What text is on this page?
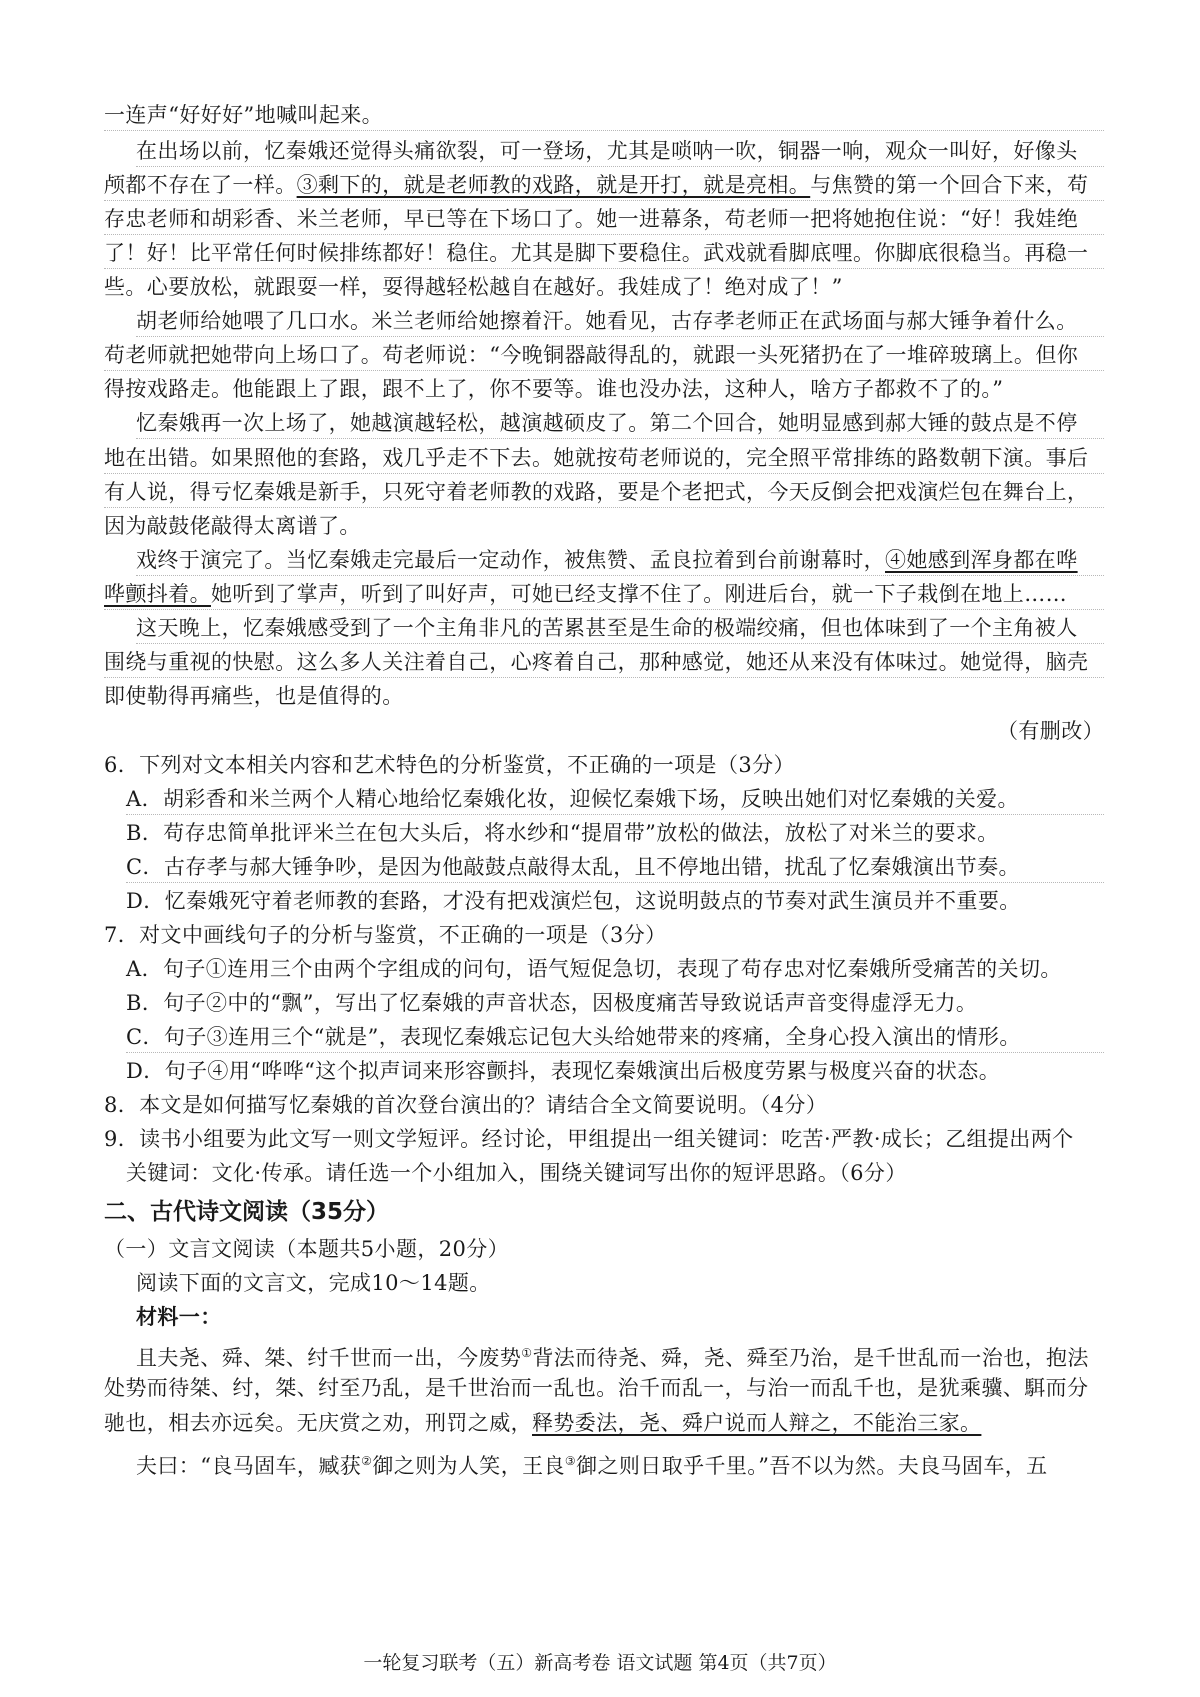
一连声“好好好”地喊叫起来。
在出场以前，忆秦娥还觉得头痛欲裂，可一登场，尤其是唢呐一吹，铜器一响，观众一叫好，好像头
颅都不存在了一样。③剩下的，就是老师教的戏路，就是开打，就是亮相。与焦赞的第一个回合下来，苟
存忠老师和胡彩香、米兰老师，早已等在下场口了。她一进幕条，苟老师一把将她抱住说：“好！我娃绝
了！好！比平常任何时候排练都好！稳住。尤其是脚下要稳住。武戏就看脚底哩。你脚底很稳当。再稳一
些。心要放松，就跟耍一样，耍得越轻松越自在越好。我娃成了！绝对成了！”
胡老师给她喂了几口水。米兰老师给她擦着汗。她看见，古存孝老师正在武场面与郝大锤争着什么。
苟老师就把她带向上场口了。苟老师说：“今晚铜器敲得乱的，就跟一头死猪扔在了一堆碎玻璃上。但你
得按戏路走。他能跟上了跟，跟不上了，你不要等。谁也没办法，这种人，啥方子都救不了的。”
忆秦娥再一次上场了，她越演越轻松，越演越硕皮了。第二个回合，她明显感到郝大锤的鼓点是不停
地在出错。如果照他的套路，戏几乎走不下去。她就按苟老师说的，完全照平常排练的路数朝下演。事后
有人说，得亏忆秦娥是新手，只死守着老师教的戏路，要是个老把式，今天反倒会把戏演烂包在舞台上，
因为敲鼓佬敲得太离谱了。
戏终于演完了。当忆秦娥走完最后一定动作，被焦赞、孟良拉着到台前谢幕时，④她感到浑身都在哗
哗颤抖着。她听到了掌声，听到了叫好声，可她已经支撑不住了。刚进后台，就一下子栽倒在地上……
这天晚上，忆秦娥感受到了一个主角非凡的苦累甚至是生命的极端绞痛，但也体味到了一个主角被人
围绕与重视的快慰。这么多人关注着自己，心疼着自己，那种感觉，她还从来没有体味过。她觉得，脑壳
即使勒得再痛些，也是值得的。
（有删改）
6．下列对文本相关内容和艺术特色的分析鉴赏，不正确的一项是（3分）
A．胡彩香和米兰两个人精心地给忆秦娥化妆，迎候忆秦娥下场，反映出她们对忆秦娥的关爱。
B．苟存忠简单批评米兰在包大头后，将水纱和“提眉带”放松的做法，放松了对米兰的要求。
C．古存孝与郝大锤争吵，是因为他敲鼓点敲得太乱，且不停地出错，扰乱了忆秦娥演出节奏。
D．忆秦娥死守着老师教的套路，才没有把戏演烂包，这说明鼓点的节奏对武生演员并不重要。
7．对文中画线句子的分析与鉴赏，不正确的一项是（3分）
A．句子①连用三个由两个字组成的问句，语气短促急切，表现了苟存忠对忆秦娥所受痛苦的关切。
B．句子②中的“飘”，写出了忆秦娥的声音状态，因极度痛苦导致说话声音变得虚浮无力。
C．句子③连用三个“就是”，表现忆秦娥忘记包大头给她带来的疼痛，全身心投入演出的情形。
D．句子④用“哗哗“这个拟声词来形容颤抖，表现忆秦娥演出后极度劳累与极度兴奋的状态。
8．本文是如何描写忆秦娥的首次登台演出的？请结合全文简要说明。（4分）
9．读书小组要为此文写一则文学短评。经讨论，甲组提出一组关键词：吃苦·严教·成长；乙组提出两个
关键词：文化·传承。请任选一个小组加入，围绕关键词写出你的短评思路。（6分）
二、古代诗文阅读（35分）
（一）文言文阅读（本题共5小题，20分）
阅读下面的文言文，完成10～14题。
材料一：
且夫尧、舜、桀、纣千世而一出，今废势①背法而待尧、舜，尧、舜至乃治，是千世乱而一治也，抱法
处势而待桀、纣，桀、纣至乃乱，是千世治而一乱也。治千而乱一，与治一而乱千也，是犹乘骥、駬而分
驰也，相去亦远矣。无庆赏之劝，刑罚之威，释势委法，尧、舜户说而人辩之，不能治三家。
夫曰：“良马固车，臧获②御之则为人笑，王良③御之则日取乎千里。”吾不以为然。夫良马固车，五
一轮复习联考（五）新高考卷 语文试题 第4页（共7页）
